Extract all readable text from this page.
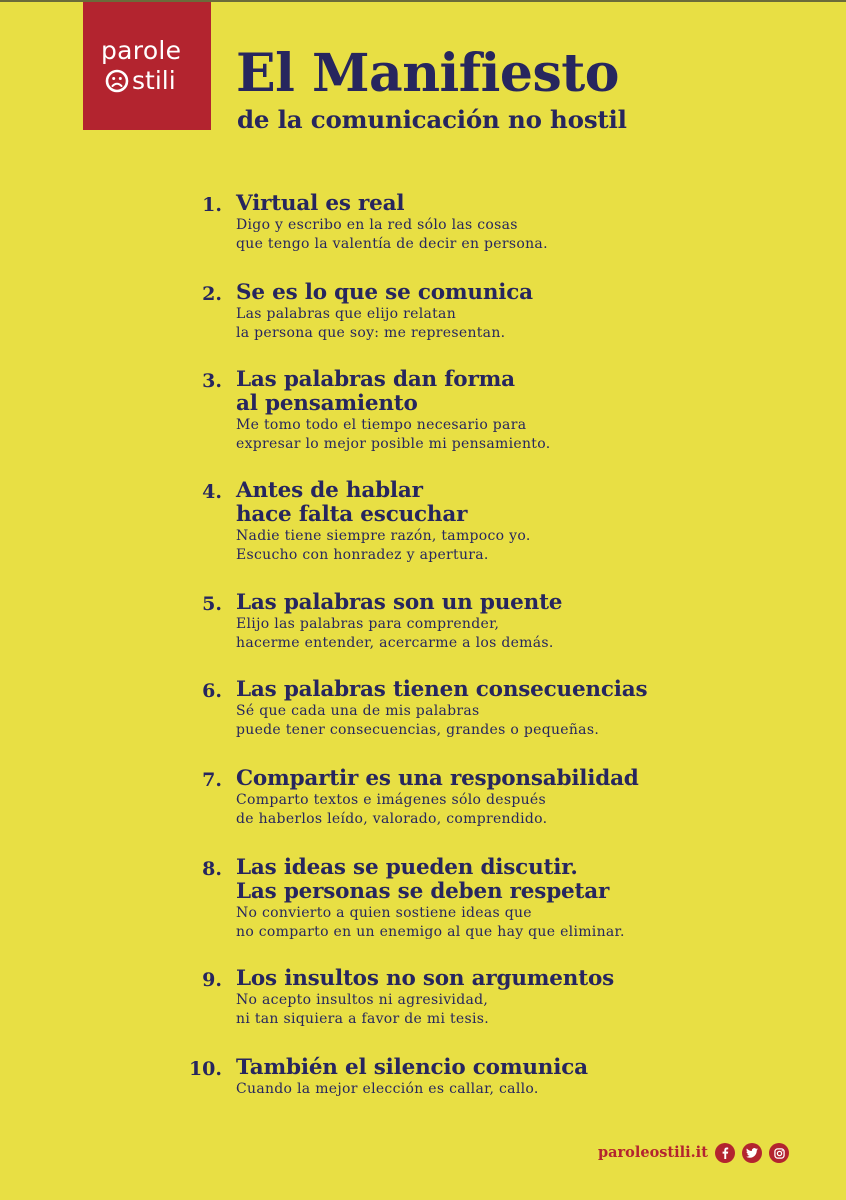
parole
stili El Manifiesto
de la comunicación no hostil
1. Virtual es real

Digo y escribo en la red sólo las cosas

que tengo la valentía de decir en persona.

2. Se es lo que se comunica

Las palabras que elijo relatan

la persona que soy: me representan.

3. Las palabras dan forma

al pensamiento

Me tomo todo el tiempo necesario para

expresar lo mejor posible mi pensamiento.

4. Antes de hablar

hace falta escuchar

Nadie tiene siempre razón, tampoco yo.

Escucho con honradez y apertura.

5. Las palabras son un puente

Elijo las palabras para comprender,

hacerme entender, acercarme a los demás.

6. Las palabras tienen consecuencias

Sé que cada una de mis palabras

puede tener consecuencias, grandes o pequeñas.

7. Compartir es una responsabilidad

Comparto textos e imágenes sólo después

de haberlos leído, valorado, comprendido.

8. Las ideas se pueden discutir.

Las personas se deben respetar

No convierto a quien sostiene ideas que

no comparto en un enemigo al que hay que eliminar.

9. Los insultos no son argumentos

No acepto insultos ni agresividad,

ni tan siquiera a favor de mi tesis.

10. También el silencio comunica

Cuando la mejor elección es callar, callo.

paroleostili.it
